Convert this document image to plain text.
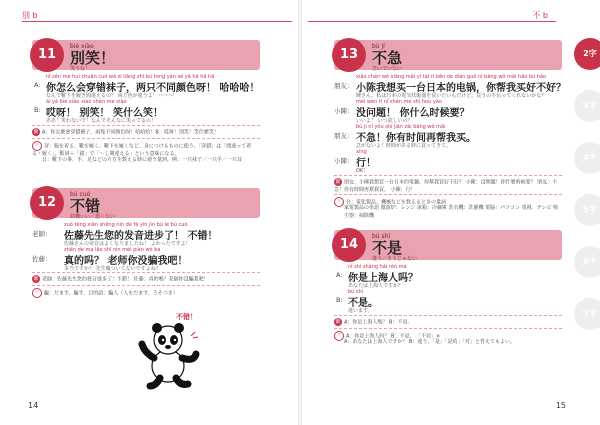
別 b
11
bié xiào
別笑！
笑うな！
nǐ zěn me huì chuān cuò wà zi liǎng zhī bù tóng yán sè yā hā hā hā
A: 你怎么会穿错袜子，两只不同颜色呀！ 哈哈哈！
なんで靴下を履き間違えるの？ 両方色が違うよ！ハハハ！
āi yā bié xiào xiào shén me xiào
B: 哎呀！ 别笑！ 笑什么笑！
ああ！笑わないで！なんでそんなに笑ってるの！
繁 A：你怎麼會穿錯襪子，兩隻不同顏色呀！哈哈哈！B：哎呀！別笑！笑什麼笑！
☞ 穿：服を着る、靴を履く、靴下を履くなど、身につけるものに使う。「穿錯」は「間違って着る・履く」。動詞＋「錯」で「～し間違える」という意味になる。
日：靴下の事、手、足などの片方を数える時に使う量詞。例：一只袜子／一只手／一只耳
12
bú cuò
不错
結構いい／悪くない
zuǒ téng xiān shēng nín de fā yīn jìn bù le bú cuò
老師： 佐藤先生您的发音进步了！ 不错！
佐藤さんの発音はよくなりましたね！ よかったですよ！
zhēn de ma lǎo shī nín méi piàn wǒ ba
佐藤： 真的吗？ 老师你没骗我吧！
本当ですか？ 先生嘘ついてないですよね？
繁 老師：佐藤先生您的發音進步了！不錯！ 佐藤：真的嗎？老師你沒騙我吧！
☞ 騙：だます、騙す、目的語：騙人（人をだます、うそつき）
不错！
14
不 b
13
bù jí
不急
急いでいない
xiǎo chén wǒ xiǎng mǎi yì tái rì běn de diàn guō nǐ bāng wǒ mǎi hǎo bù hǎo
朋友： 小陈我想买一台日本的电锅，你帮我买好不好？
陳さん、私は日本の電気炊飯器を買いたいんだけど、買うの手伝ってくれないかな？
méi wèn tí nǐ shén me shí hou yào
小陳： 没问题！ 你什么时候要？
いいよ！ いつ欲しいの？
bù jí nǐ yǒu shí jiān zài bāng wǒ mǎi
朋友： 不急！你有时间再帮我买。
急がないよ！時間がある時に買ってきて。
xíng
小陳： 行！
OK！
繁 朋友：小陳我想買一台日本的電鍋，你幫我買好不好？ 小陳：沒問題！你什麼時候要？ 朋友：不急！你有時間再幫我買。 小陳：行！
☞ 台：電化製品、機械などを数えるときの量詞
家電製品の単語 微波炉：レンジ 冰箱：冷蔵庫 洗衣機：洗濯機 電腦：パソコン 電視：テレビ 吸尘器：掃除機
14
bú shì
不是
違う／そうじゃない
nǐ shì shàng hǎi rén ma
A: 你是上海人吗？
あなたは上海人ですか？
bú shì
B: 不是。
違います。
繁 A：你是上海人嗎？ B：不是。
☞ A：你是上海人吗？ B：不是。 「不対」×
A：あなたは上海人ですか？ B：違う。「是」「是的」「对」と答えてもよい。
2字
3字
4字
5字
6字
7字
15
